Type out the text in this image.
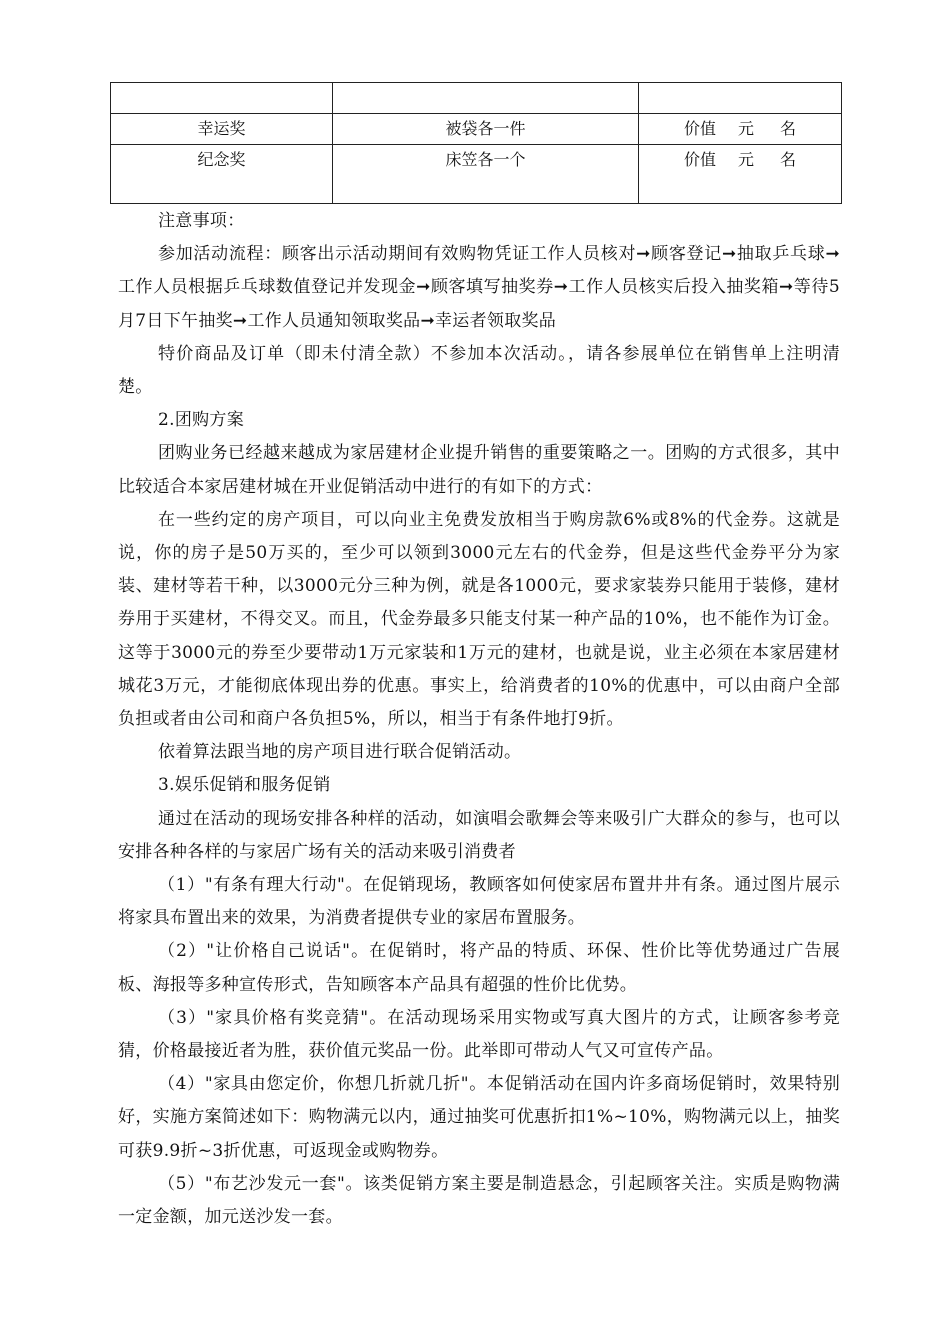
幸运奖	被袋各一件	价值 元 名
纪念奖	床笠各一个	价值 元 名

注意事项：

参加活动流程：顾客出示活动期间有效购物凭证工作人员核对➞顾客登记➞抽取乒乓球➞工作人员根据乒乓球数值登记并发现金➞顾客填写抽奖券➞工作人员核实后投入抽奖箱➞等待5月7日下午抽奖➞工作人员通知领取奖品➞幸运者领取奖品

特价商品及订单（即未付清全款）不参加本次活动。，请各参展单位在销售单上注明清楚。

2.团购方案

团购业务已经越来越成为家居建材企业提升销售的重要策略之一。团购的方式很多，其中比较适合本家居建材城在开业促销活动中进行的有如下的方式：

在一些约定的房产项目，可以向业主免费发放相当于购房款6%或8%的代金券。这就是说，你的房子是50万买的，至少可以领到3000元左右的代金券，但是这些代金券平分为家装、建材等若干种，以3000元分三种为例，就是各1000元，要求家装券只能用于装修，建材券用于买建材，不得交叉。而且，代金券最多只能支付某一种产品的10%，也不能作为订金。这等于3000元的券至少要带动1万元家装和1万元的建材，也就是说，业主必须在本家居建材城花3万元，才能彻底体现出券的优惠。事实上，给消费者的10%的优惠中，可以由商户全部负担或者由公司和商户各负担5%，所以，相当于有条件地打9折。

依着算法跟当地的房产项目进行联合促销活动。

3.娱乐促销和服务促销

通过在活动的现场安排各种样的活动，如演唱会歌舞会等来吸引广大群众的参与，也可以安排各种各样的与家居广场有关的活动来吸引消费者

（1）"有条有理大行动"。在促销现场，教顾客如何使家居布置井井有条。通过图片展示将家具布置出来的效果，为消费者提供专业的家居布置服务。

（2）"让价格自己说话"。在促销时，将产品的特质、环保、性价比等优势通过广告展板、海报等多种宣传形式，告知顾客本产品具有超强的性价比优势。

（3）"家具价格有奖竞猜"。在活动现场采用实物或写真大图片的方式，让顾客参考竞猜，价格最接近者为胜，获价值元奖品一份。此举即可带动人气又可宣传产品。

（4）"家具由您定价，你想几折就几折"。本促销活动在国内许多商场促销时，效果特别好，实施方案简述如下：购物满元以内，通过抽奖可优惠折扣1%~10%，购物满元以上，抽奖可获9.9折~3折优惠，可返现金或购物券。

（5）"布艺沙发元一套"。该类促销方案主要是制造悬念，引起顾客关注。实质是购物满一定金额，加元送沙发一套。
